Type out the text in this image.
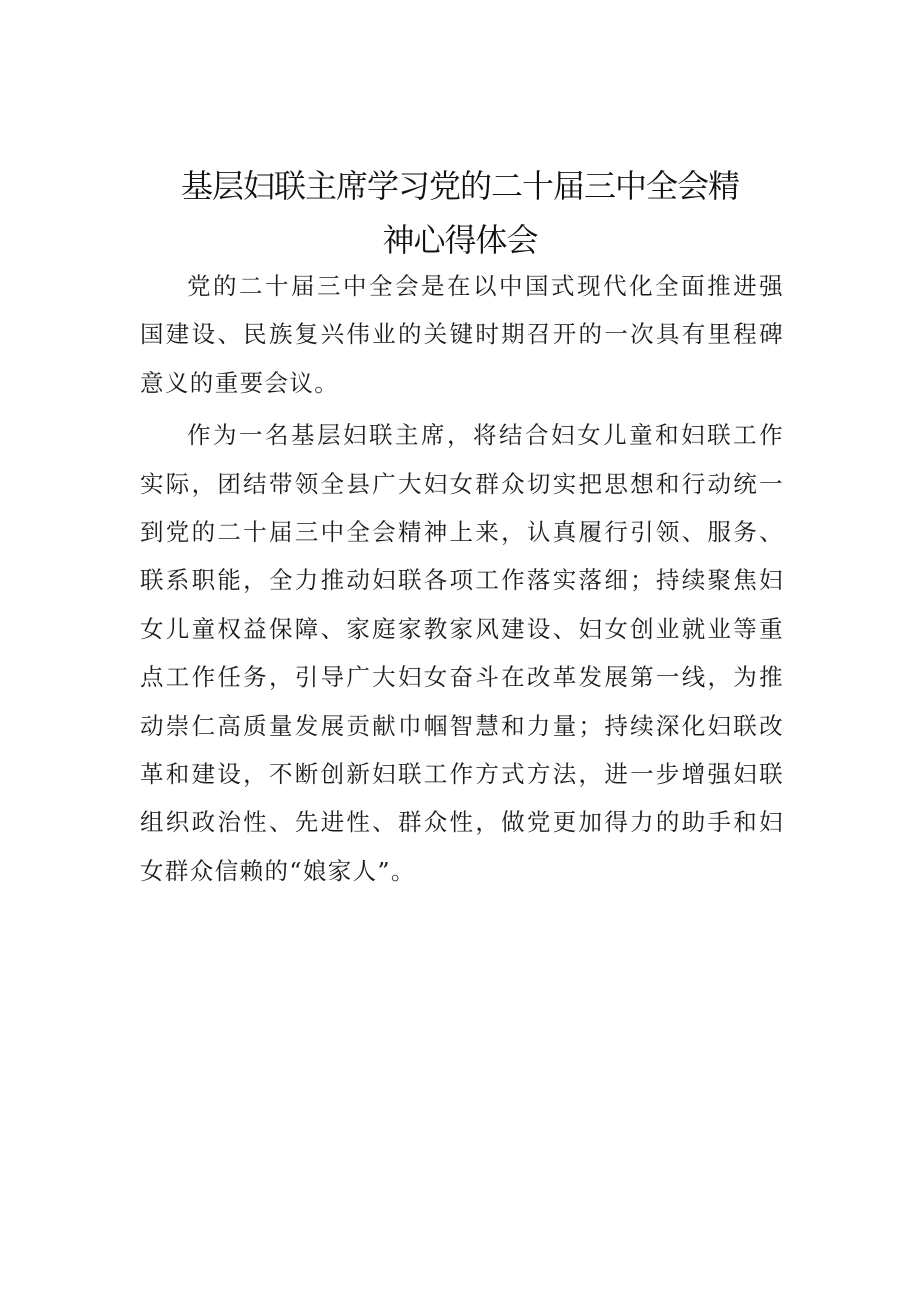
基层妇联主席学习党的二十届三中全会精
神心得体会

党的二十届三中全会是在以中国式现代化全面推进强国建设、民族复兴伟业的关键时期召开的一次具有里程碑意义的重要会议。

作为一名基层妇联主席，将结合妇女儿童和妇联工作实际，团结带领全县广大妇女群众切实把思想和行动统一到党的二十届三中全会精神上来，认真履行引领、服务、联系职能，全力推动妇联各项工作落实落细；持续聚焦妇女儿童权益保障、家庭家教家风建设、妇女创业就业等重点工作任务，引导广大妇女奋斗在改革发展第一线，为推动崇仁高质量发展贡献巾帼智慧和力量；持续深化妇联改革和建设，不断创新妇联工作方式方法，进一步增强妇联组织政治性、先进性、群众性，做党更加得力的助手和妇女群众信赖的“娘家人”。
